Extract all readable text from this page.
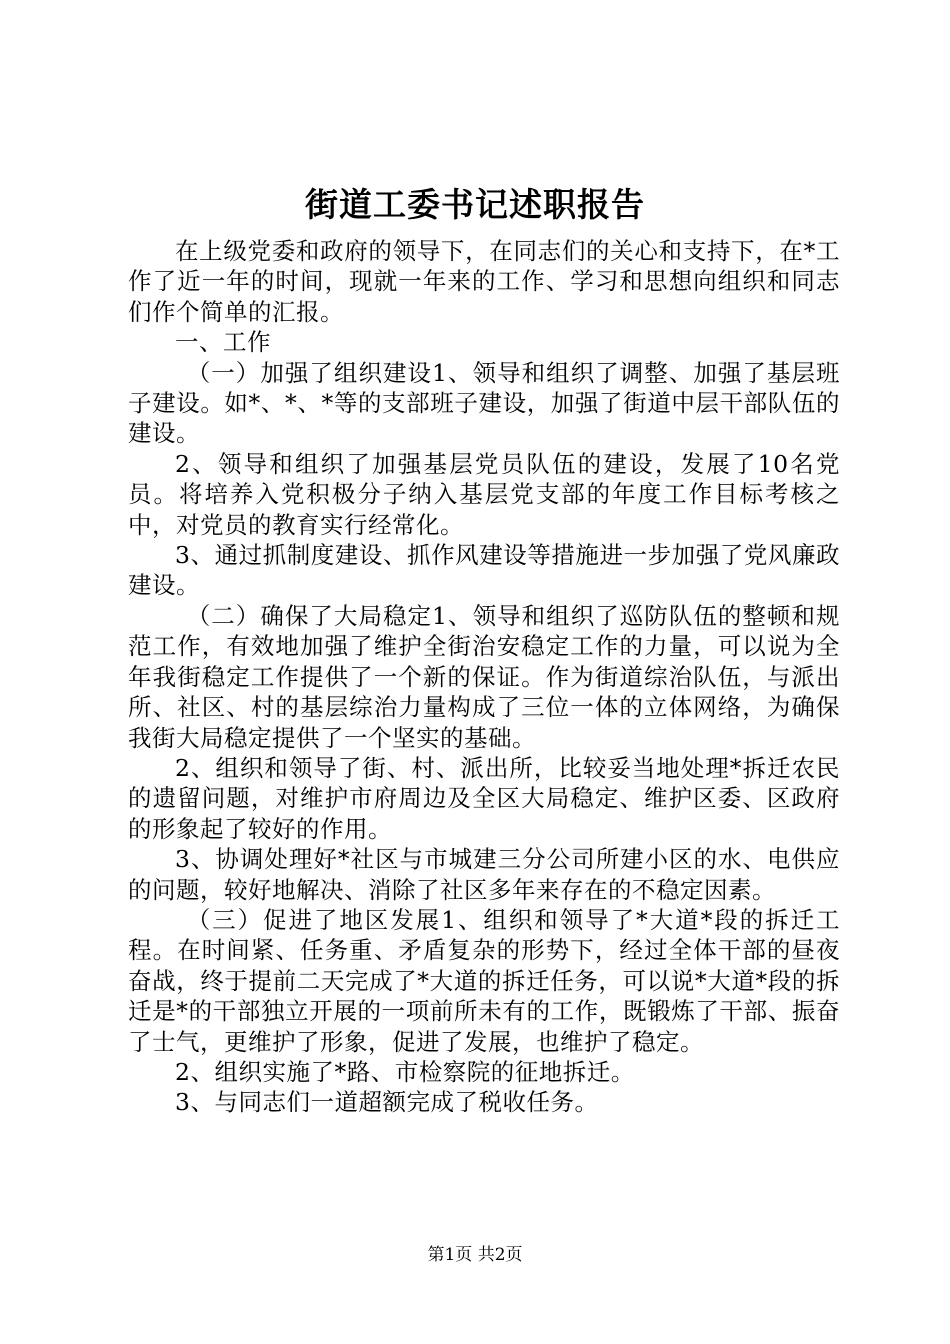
街道工委书记述职报告

在上级党委和政府的领导下，在同志们的关心和支持下，在*工作了近一年的时间，现就一年来的工作、学习和思想向组织和同志们作个简单的汇报。

一、工作

（一）加强了组织建设1、领导和组织了调整、加强了基层班子建设。如*、*、*等的支部班子建设，加强了街道中层干部队伍的建设。

2、领导和组织了加强基层党员队伍的建设，发展了10名党员。将培养入党积极分子纳入基层党支部的年度工作目标考核之中，对党员的教育实行经常化。

3、通过抓制度建设、抓作风建设等措施进一步加强了党风廉政建设。

（二）确保了大局稳定1、领导和组织了巡防队伍的整顿和规范工作，有效地加强了维护全街治安稳定工作的力量，可以说为全年我街稳定工作提供了一个新的保证。作为街道综治队伍，与派出所、社区、村的基层综治力量构成了三位一体的立体网络，为确保我街大局稳定提供了一个坚实的基础。

2、组织和领导了街、村、派出所，比较妥当地处理*拆迁农民的遗留问题，对维护市府周边及全区大局稳定、维护区委、区政府的形象起了较好的作用。

3、协调处理好*社区与市城建三分公司所建小区的水、电供应的问题，较好地解决、消除了社区多年来存在的不稳定因素。

（三）促进了地区发展1、组织和领导了*大道*段的拆迁工程。在时间紧、任务重、矛盾复杂的形势下，经过全体干部的昼夜奋战，终于提前二天完成了*大道的拆迁任务，可以说*大道*段的拆迁是*的干部独立开展的一项前所未有的工作，既锻炼了干部、振奋了士气，更维护了形象，促进了发展，也维护了稳定。

2、组织实施了*路、市检察院的征地拆迁。

3、与同志们一道超额完成了税收任务。

第1页 共2页
